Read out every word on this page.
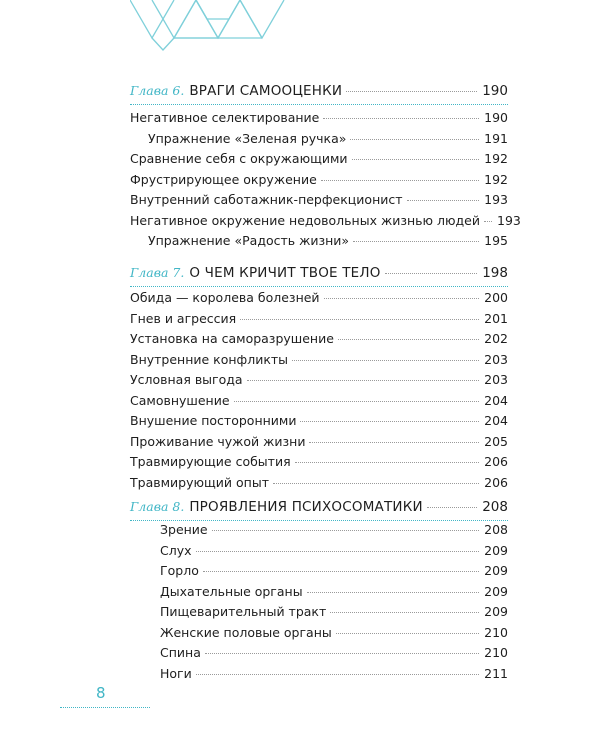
Глава 6. ВРАГИ САМООЦЕНКИ	190
Негативное селектирование	190
Упражнение «Зеленая ручка»	191
Сравнение себя с окружающими	192
Фрустрирующее окружение	192
Внутренний саботажник-перфекционист	193
Негативное окружение недовольных жизнью людей 193
Упражнение «Радость жизни»	195
Глава 7. О ЧЕМ КРИЧИТ ТВОЕ ТЕЛО	198
Обида — королева болезней	200
Гнев и агрессия	201
Установка на саморазрушение	202
Внутренние конфликты	203
Условная выгода	203
Самовнушение	204
Внушение посторонними	204
Проживание чужой жизни	205
Травмирующие события	206
Травмирующий опыт	206
Глава 8. ПРОЯВЛЕНИЯ ПСИХОСОМАТИКИ	208
Зрение	208
Слух	209
Горло	209
Дыхательные органы	209
Пищеварительный тракт	209
Женские половые органы	210
Спина	210
Ноги	211
8
